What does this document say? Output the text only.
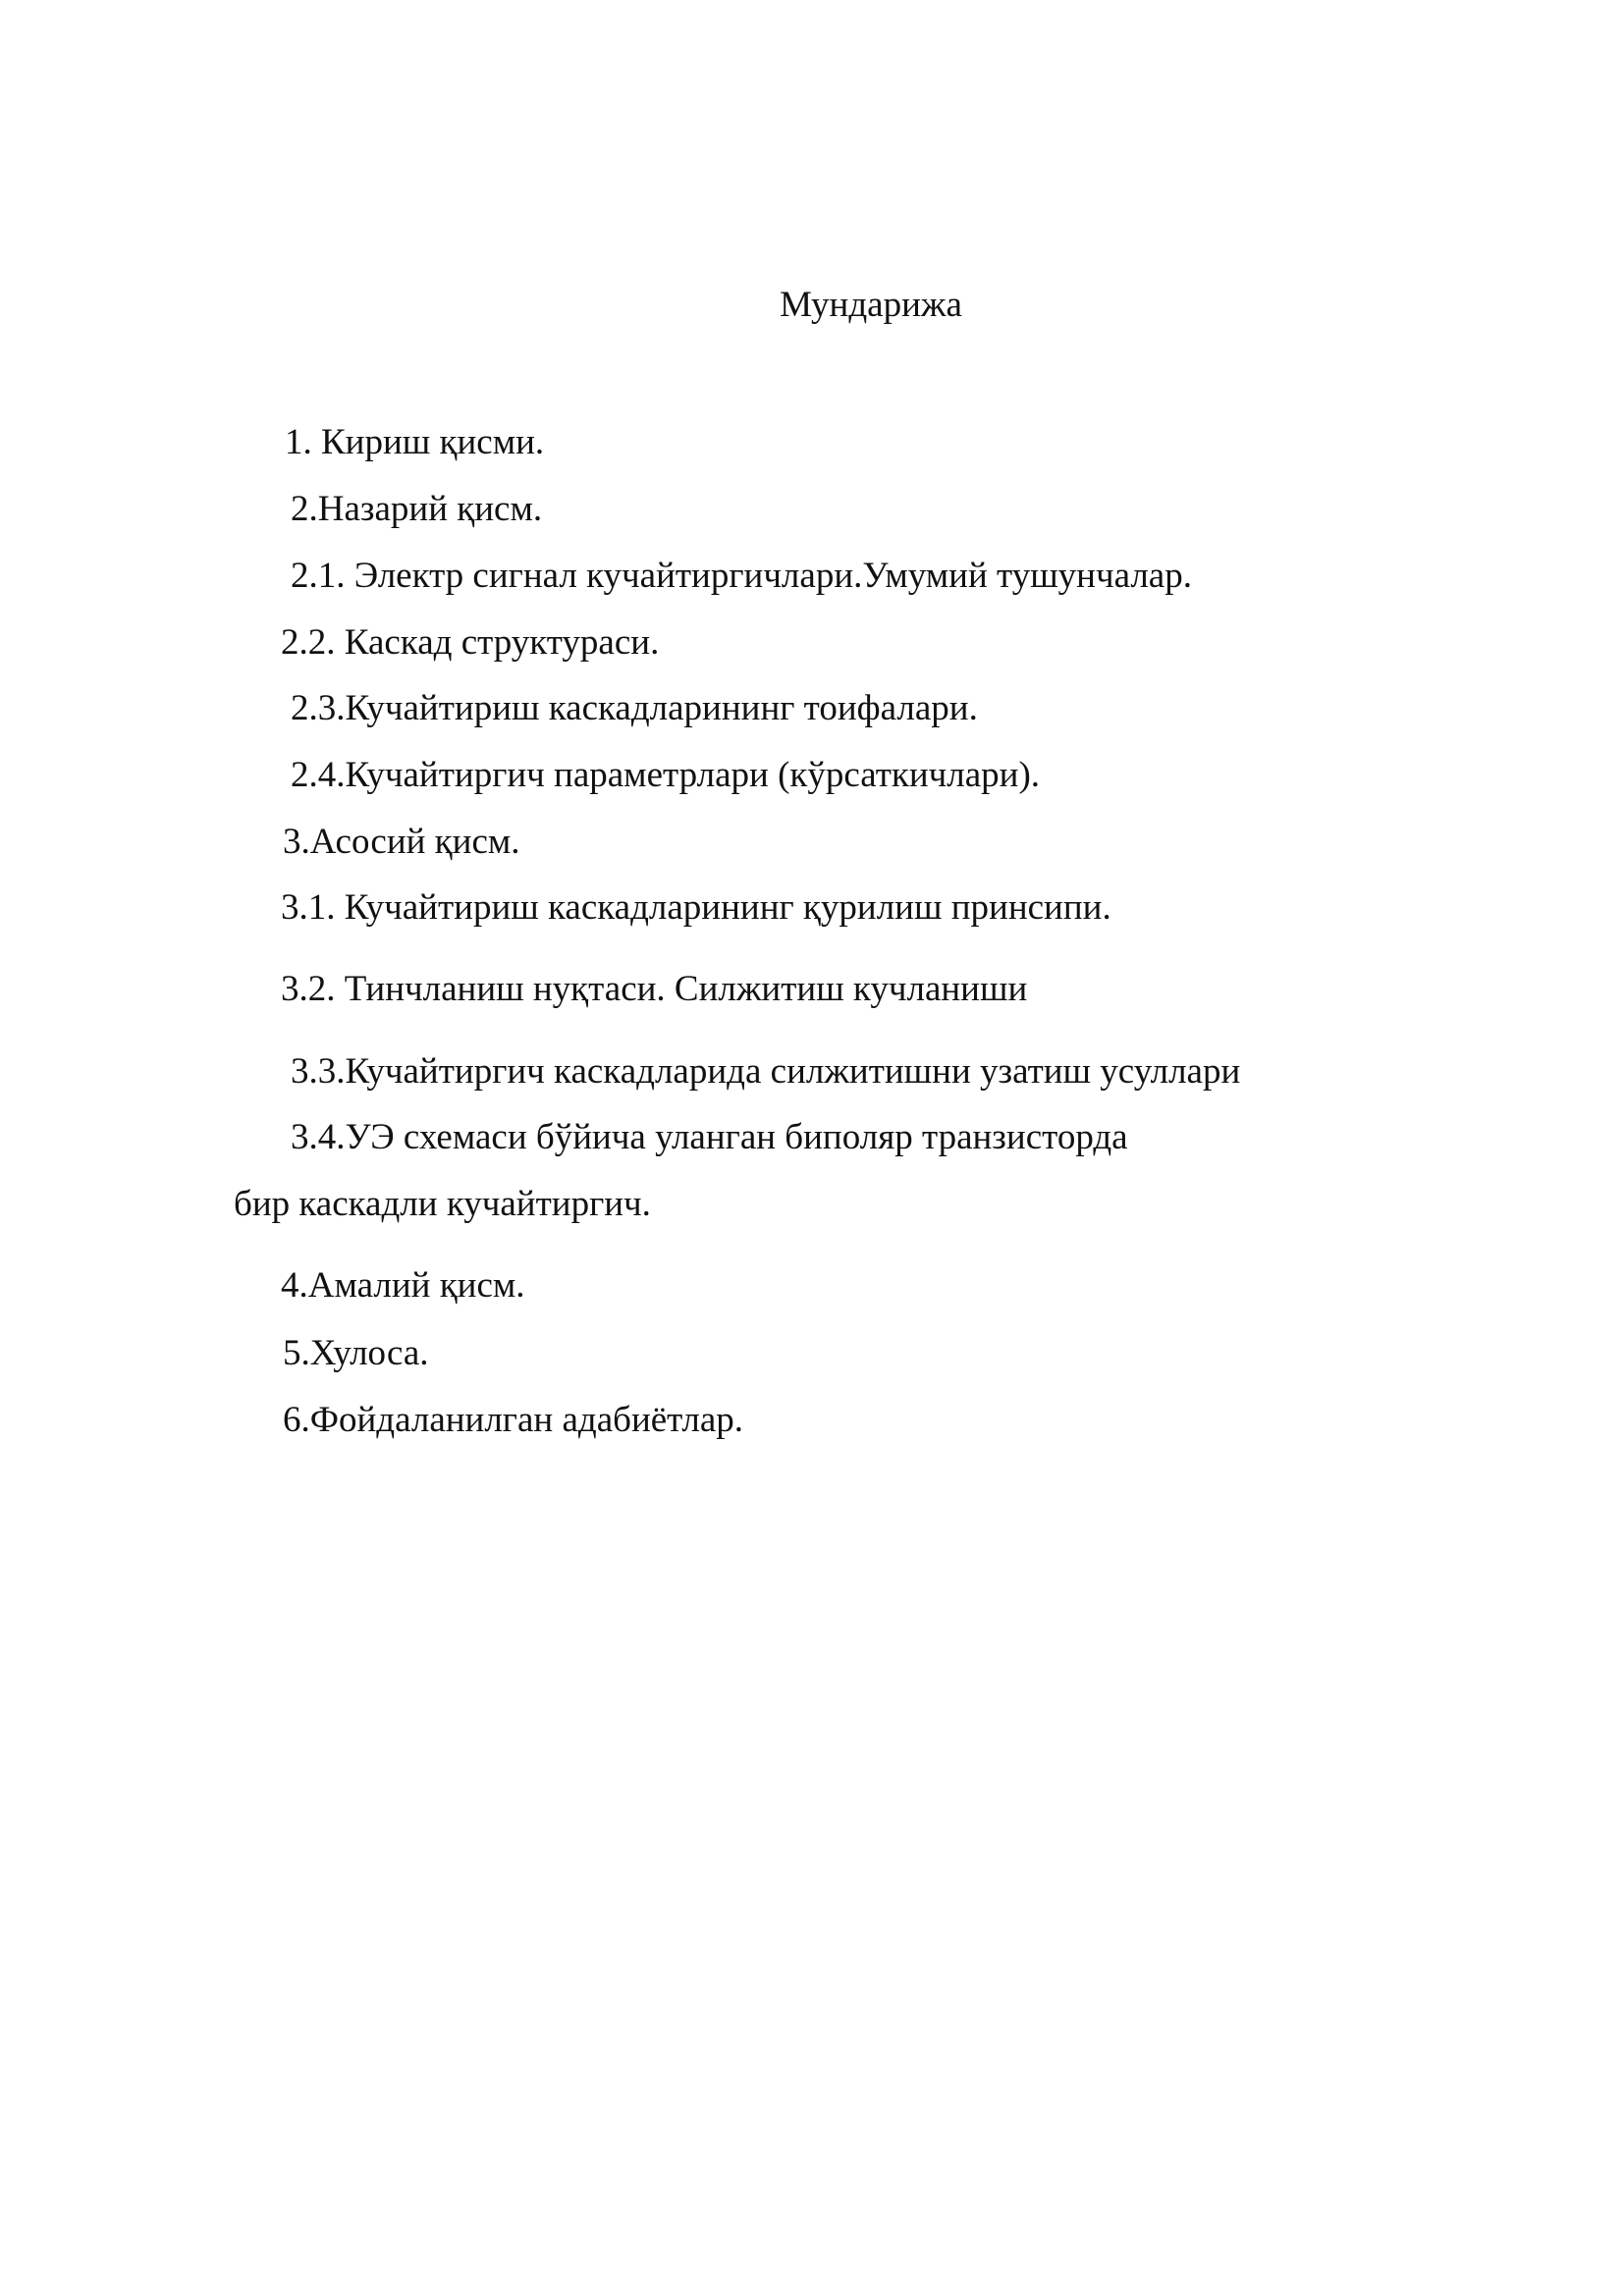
Мундарижа
1. Кириш қисми.
2.Назарий қисм.
2.1. Электр сигнал кучайтиргичлари.Умумий тушунчалар.
2.2. Каскад структураси.
2.3.Кучайтириш каскадларининг тоифалари.
2.4.Кучайтиргич параметрлари (кўрсаткичлари).
3.Асосий қисм.
3.1. Кучайтириш каскадларининг қурилиш принсипи.
3.2. Тинчланиш нуқтаси. Силжитиш кучланиши
3.3.Кучайтиргич каскадларида силжитишни узатиш усуллари
3.4.УЭ схемаси бўйича уланган биполяр транзисторда
бир каскадли кучайтиргич.
4.Амалий қисм.
5.Хулоса.
6.Фойдаланилган адабиётлар.
